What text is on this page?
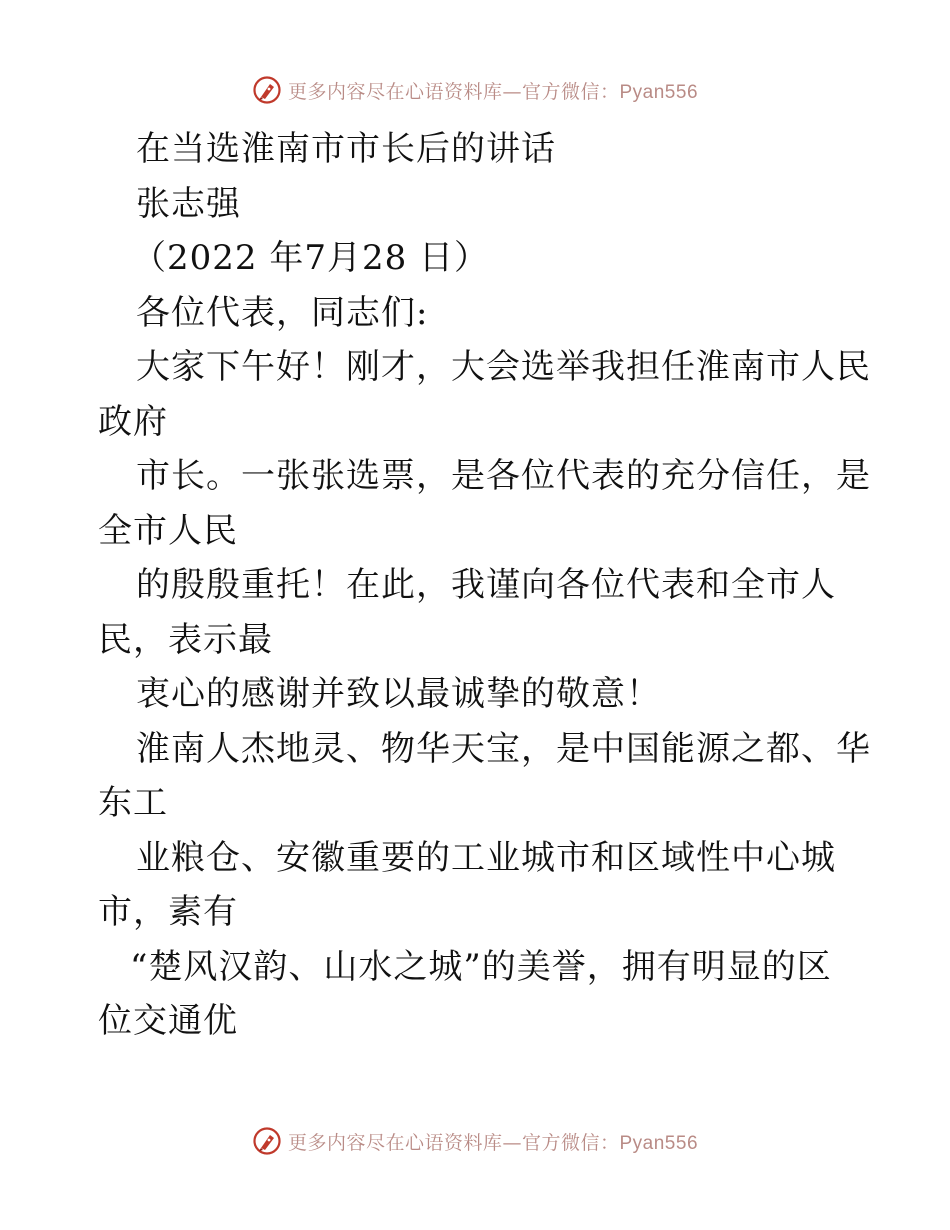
更多内容尽在心语资料库—官方微信：Pyan556
在当选淮南市市长后的讲话
张志强
（2022 年7月28 日）
各位代表，同志们:
大家下午好！刚才，大会选举我担任淮南市人民
政府
市长。一张张选票，是各位代表的充分信任，是
全市人民
的殷殷重托！在此，我谨向各位代表和全市人
民，表示最
衷心的感谢并致以最诚挚的敬意！
淮南人杰地灵、物华天宝，是中国能源之都、华
东工
业粮仓、安徽重要的工业城市和区域性中心城
市，素有
“楚风汉韵、山水之城”的美誉，拥有明显的区
位交通优
更多内容尽在心语资料库—官方微信：Pyan556
